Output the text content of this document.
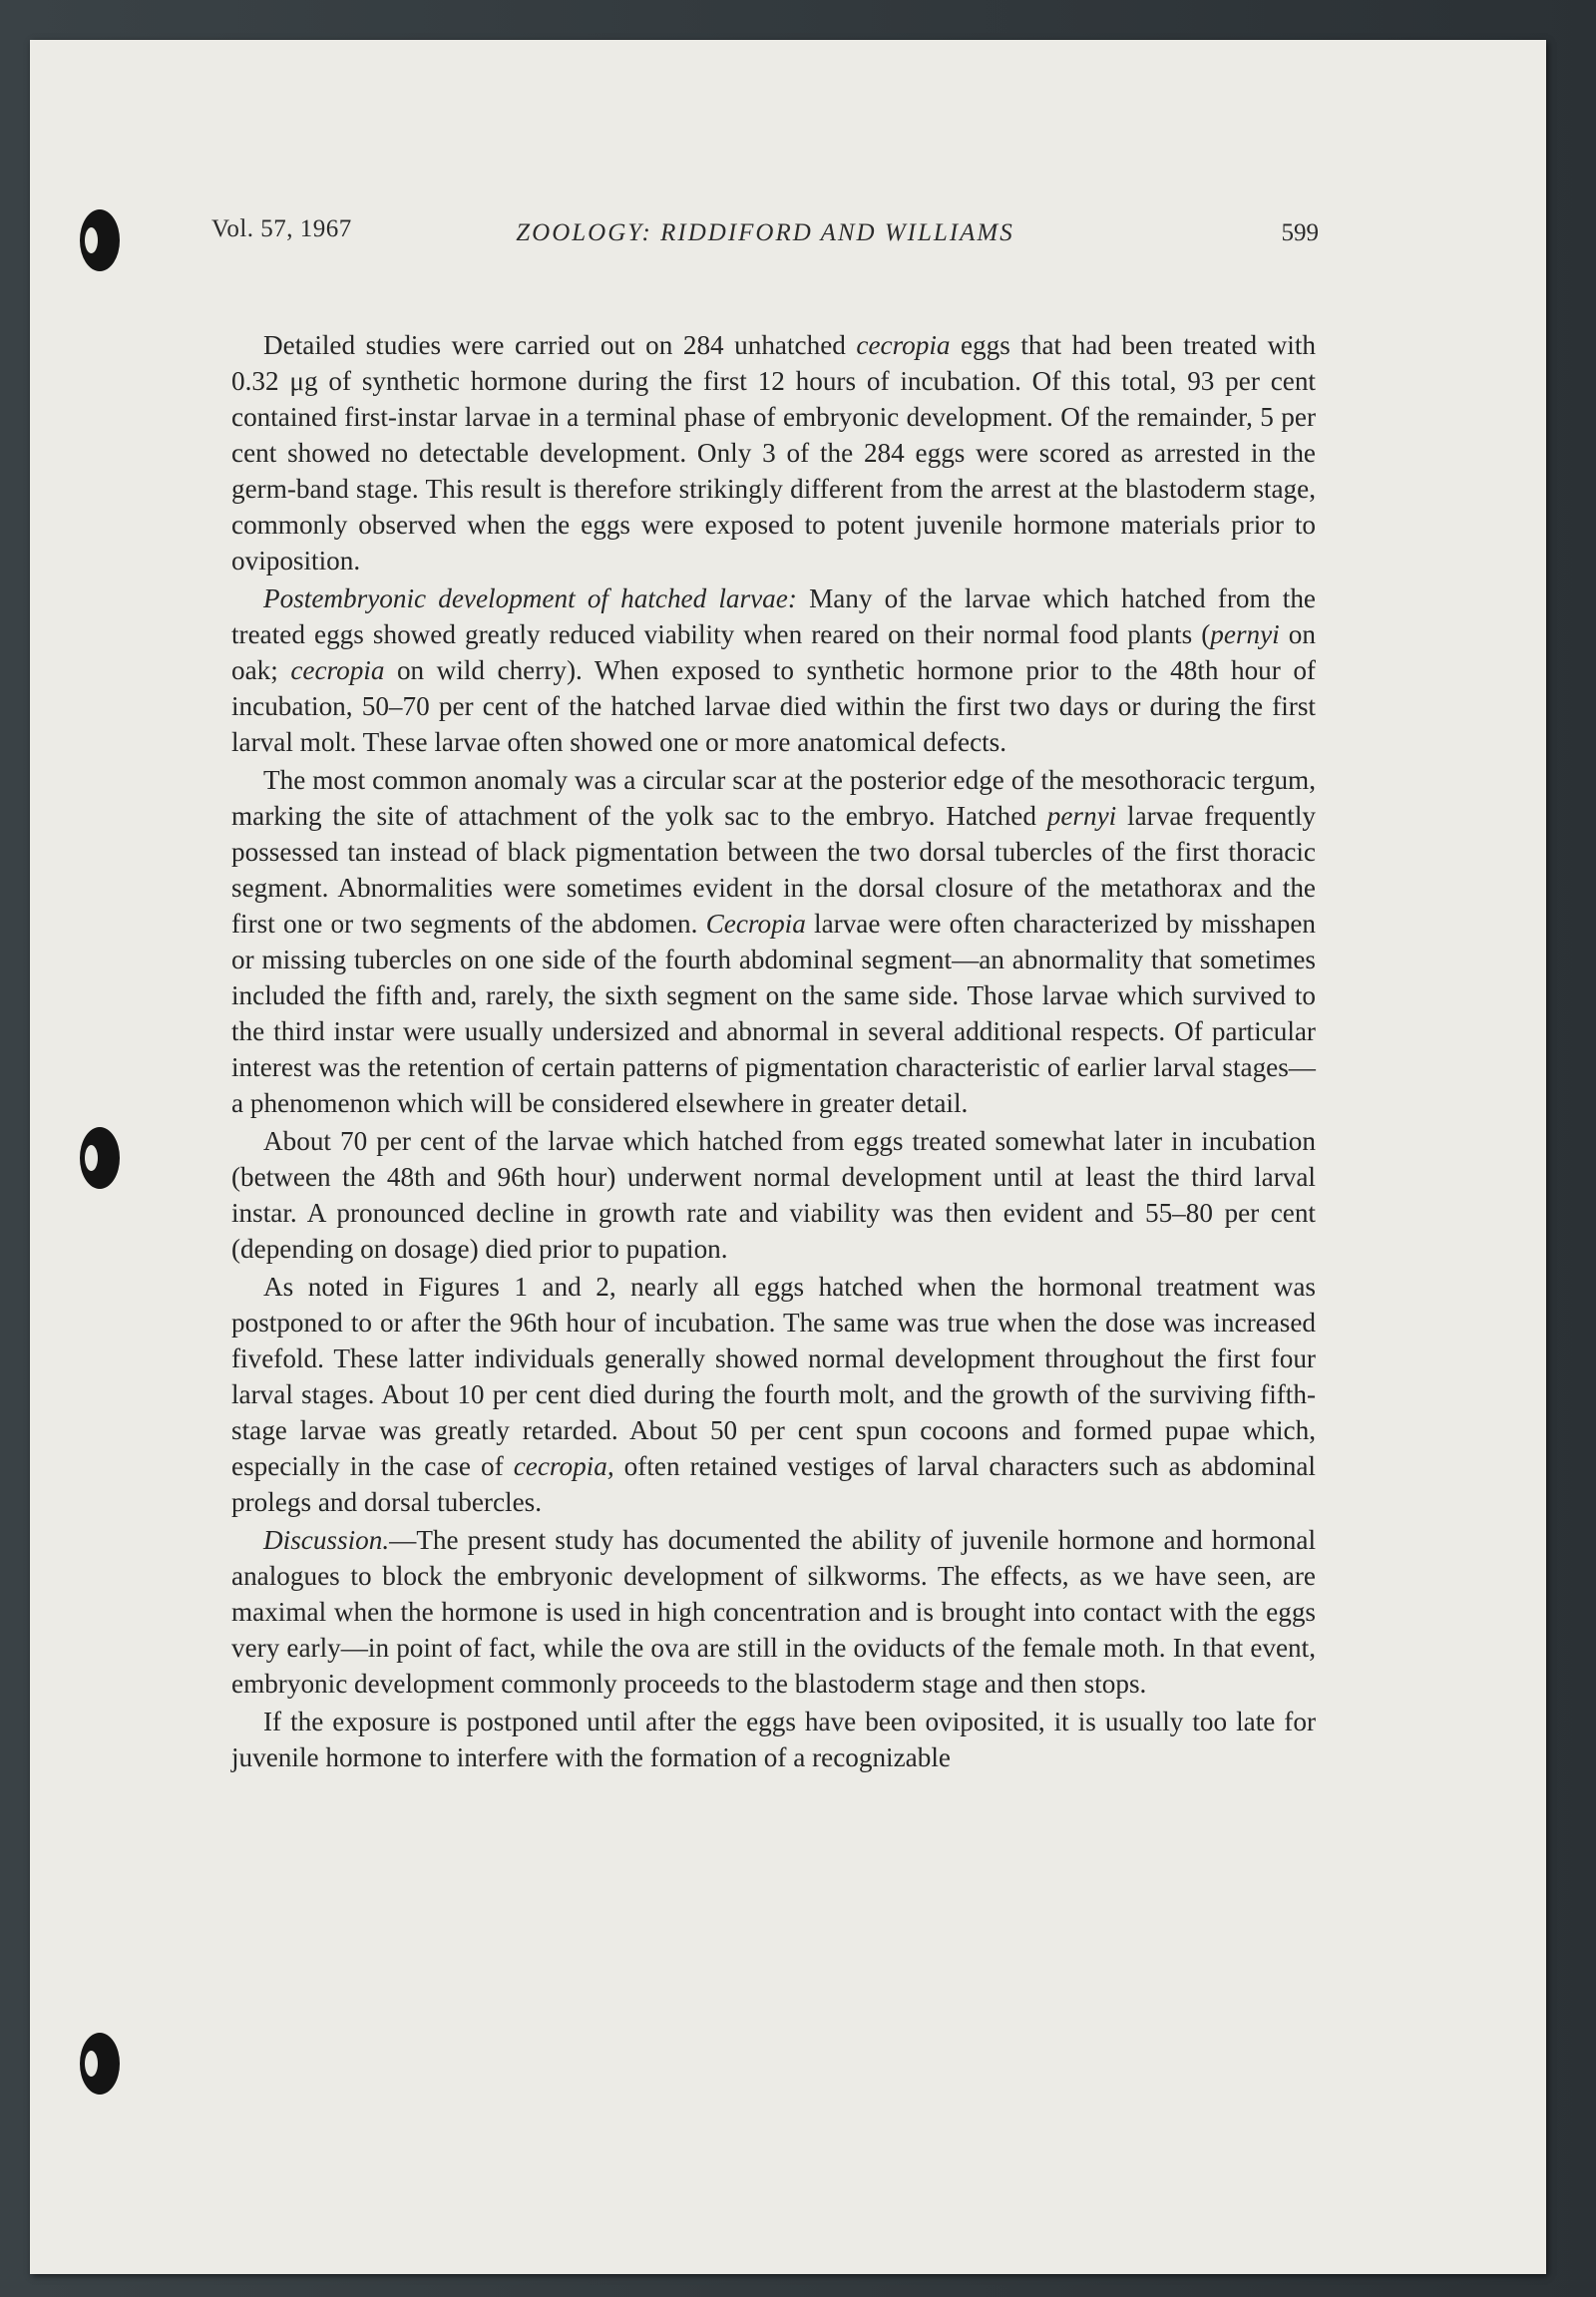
Vol. 57, 1967	ZOOLOGY: RIDDIFORD AND WILLIAMS	599

Detailed studies were carried out on 284 unhatched cecropia eggs that had been treated with 0.32 μg of synthetic hormone during the first 12 hours of incubation. Of this total, 93 per cent contained first-instar larvae in a terminal phase of embryonic development. Of the remainder, 5 per cent showed no detectable development. Only 3 of the 284 eggs were scored as arrested in the germ-band stage. This result is therefore strikingly different from the arrest at the blastoderm stage, commonly observed when the eggs were exposed to potent juvenile hormone materials prior to oviposition.

Postembryonic development of hatched larvae: Many of the larvae which hatched from the treated eggs showed greatly reduced viability when reared on their normal food plants (pernyi on oak; cecropia on wild cherry). When exposed to synthetic hormone prior to the 48th hour of incubation, 50–70 per cent of the hatched larvae died within the first two days or during the first larval molt. These larvae often showed one or more anatomical defects.

The most common anomaly was a circular scar at the posterior edge of the mesothoracic tergum, marking the site of attachment of the yolk sac to the embryo. Hatched pernyi larvae frequently possessed tan instead of black pigmentation between the two dorsal tubercles of the first thoracic segment. Abnormalities were sometimes evident in the dorsal closure of the metathorax and the first one or two segments of the abdomen. Cecropia larvae were often characterized by misshapen or missing tubercles on one side of the fourth abdominal segment—an abnormality that sometimes included the fifth and, rarely, the sixth segment on the same side. Those larvae which survived to the third instar were usually undersized and abnormal in several additional respects. Of particular interest was the retention of certain patterns of pigmentation characteristic of earlier larval stages—a phenomenon which will be considered elsewhere in greater detail.

About 70 per cent of the larvae which hatched from eggs treated somewhat later in incubation (between the 48th and 96th hour) underwent normal development until at least the third larval instar. A pronounced decline in growth rate and viability was then evident and 55–80 per cent (depending on dosage) died prior to pupation.

As noted in Figures 1 and 2, nearly all eggs hatched when the hormonal treatment was postponed to or after the 96th hour of incubation. The same was true when the dose was increased fivefold. These latter individuals generally showed normal development throughout the first four larval stages. About 10 per cent died during the fourth molt, and the growth of the surviving fifth-stage larvae was greatly retarded. About 50 per cent spun cocoons and formed pupae which, especially in the case of cecropia, often retained vestiges of larval characters such as abdominal prolegs and dorsal tubercles.

Discussion.—The present study has documented the ability of juvenile hormone and hormonal analogues to block the embryonic development of silkworms. The effects, as we have seen, are maximal when the hormone is used in high concentration and is brought into contact with the eggs very early—in point of fact, while the ova are still in the oviducts of the female moth. In that event, embryonic development commonly proceeds to the blastoderm stage and then stops.

If the exposure is postponed until after the eggs have been oviposited, it is usually too late for juvenile hormone to interfere with the formation of a recognizable
